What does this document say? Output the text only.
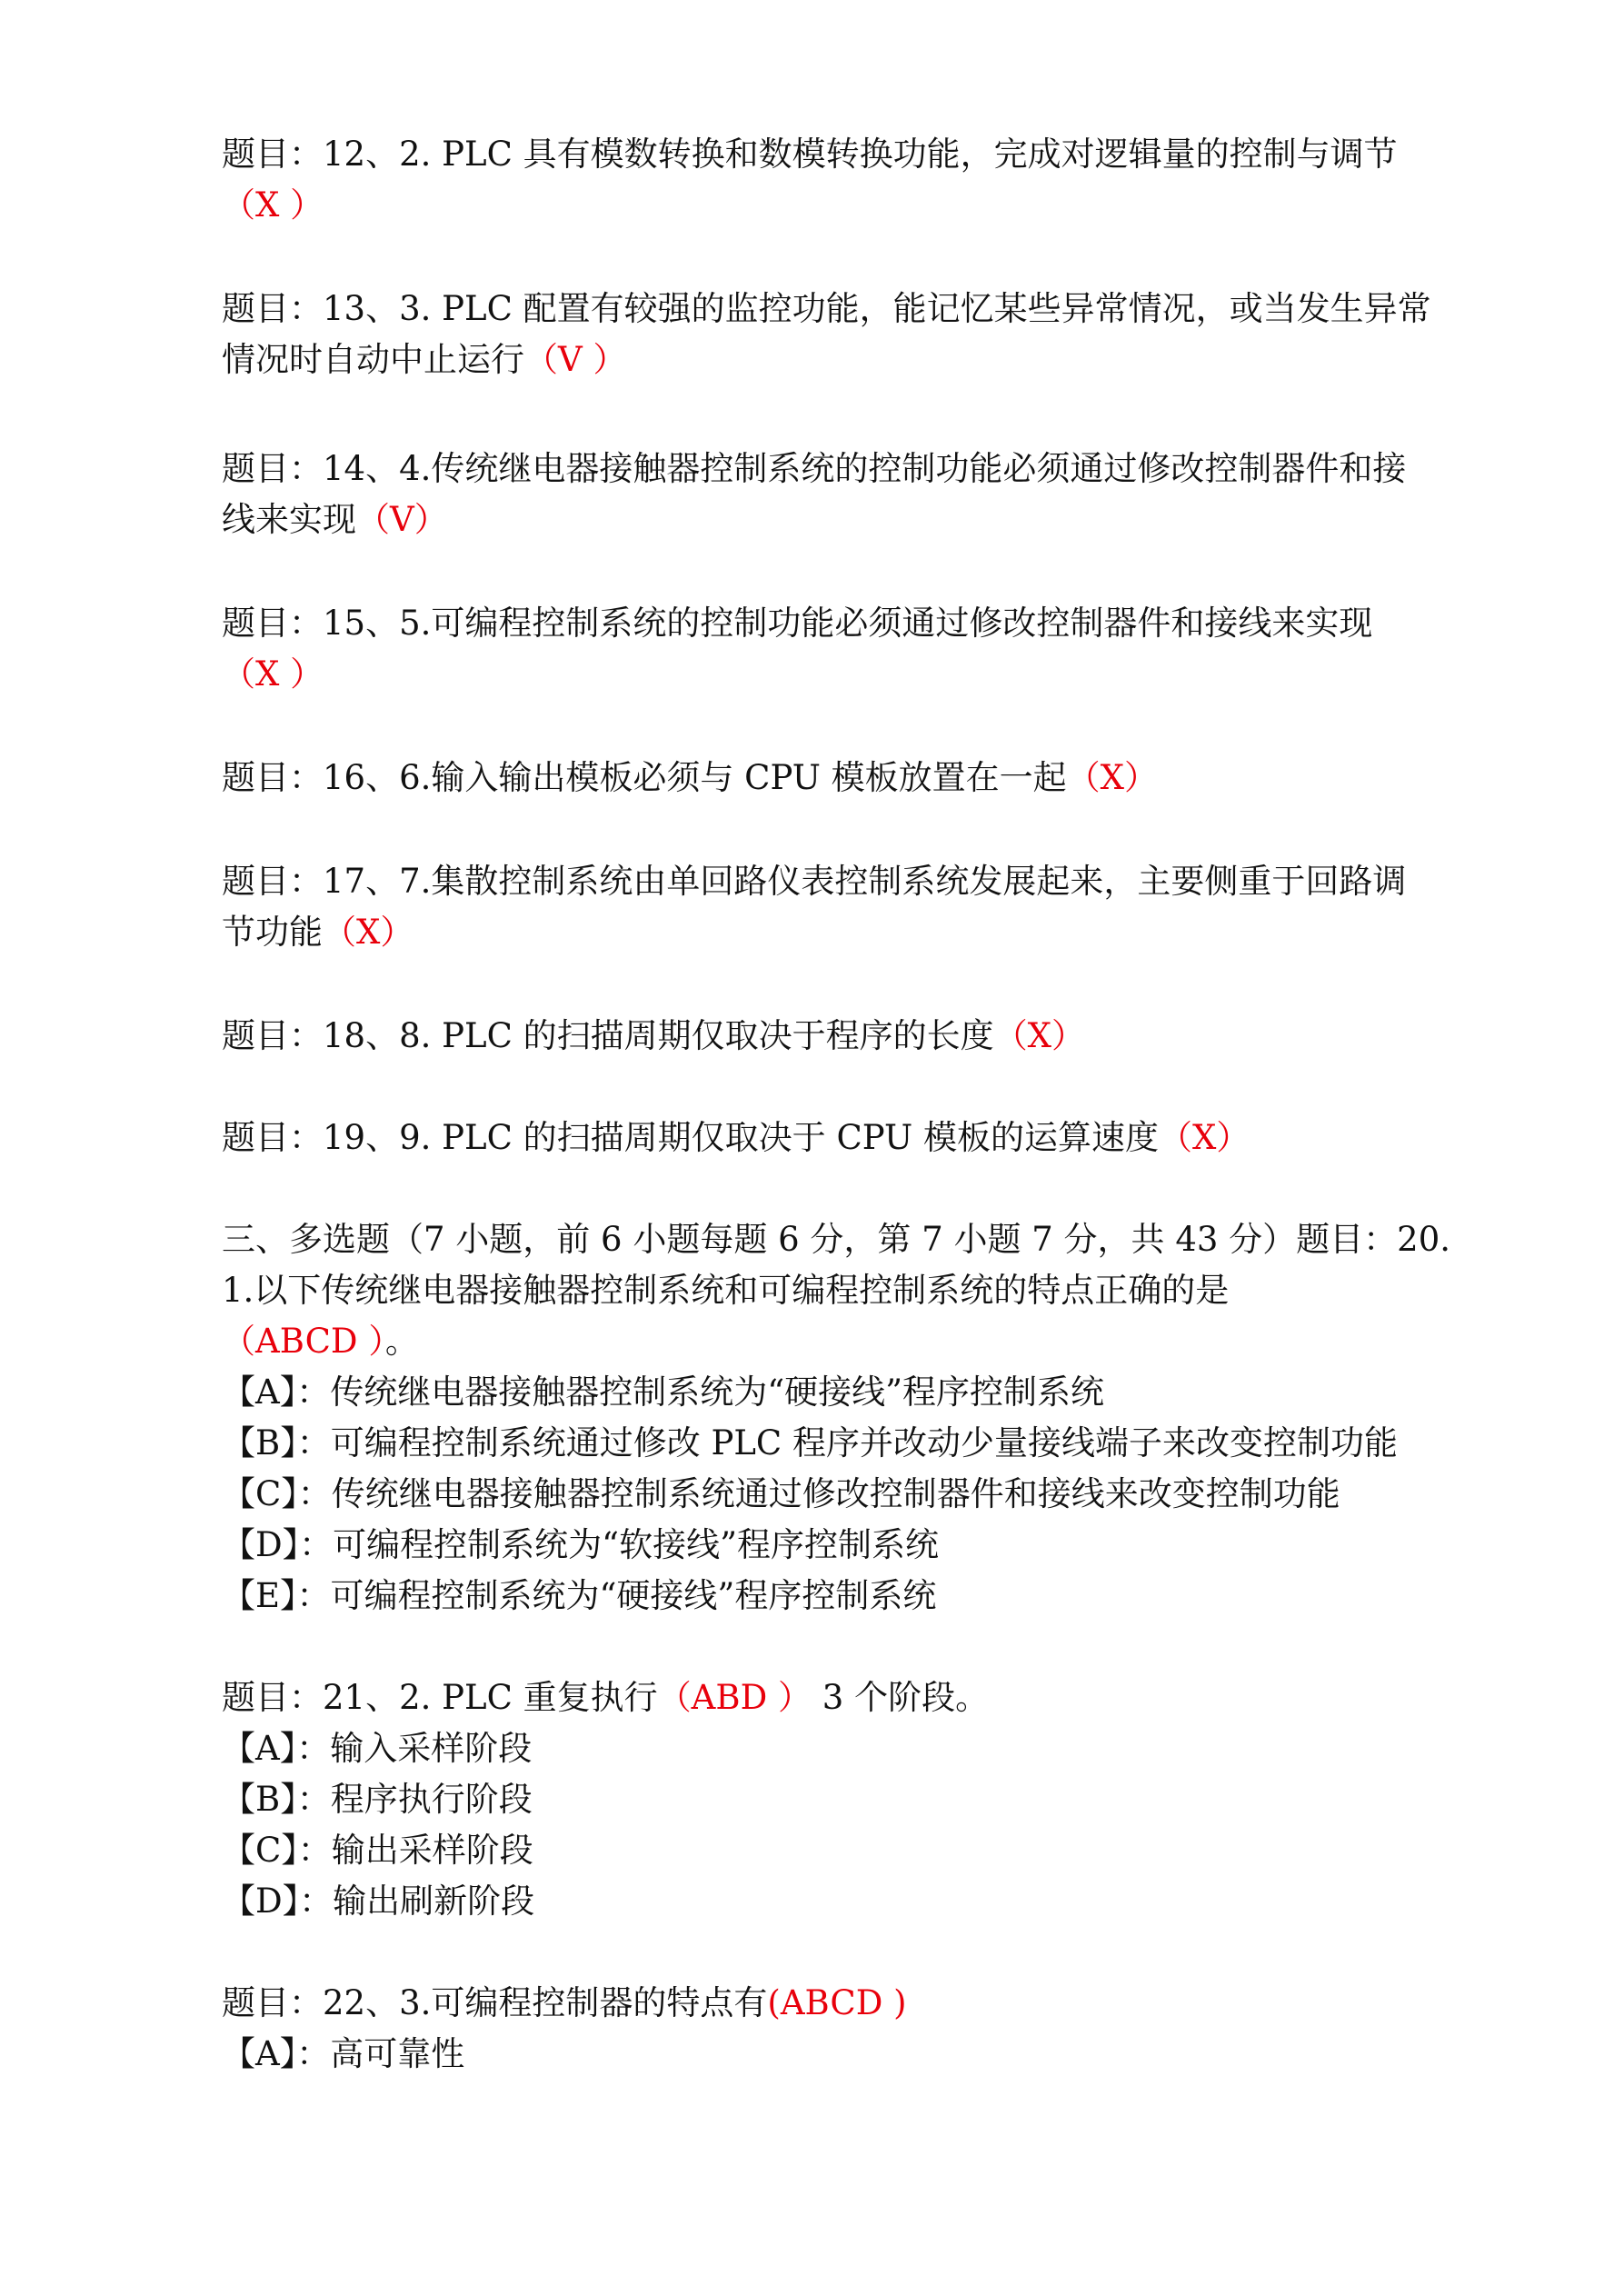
题目：12、2. PLC 具有模数转换和数模转换功能，完成对逻辑量的控制与调节
（X ）
题目：13、3. PLC 配置有较强的监控功能，能记忆某些异常情况，或当发生异常
情况时自动中止运行（V ）
题目：14、4.传统继电器接触器控制系统的控制功能必须通过修改控制器件和接
线来实现（V）
题目：15、5.可编程控制系统的控制功能必须通过修改控制器件和接线来实现
（X ）
题目：16、6.输入输出模板必须与 CPU 模板放置在一起（X）
题目：17、7.集散控制系统由单回路仪表控制系统发展起来，主要侧重于回路调
节功能（X）
题目：18、8. PLC 的扫描周期仅取决于程序的长度（X）
题目：19、9. PLC 的扫描周期仅取决于 CPU 模板的运算速度（X）
三、多选题（7 小题，前 6 小题每题 6 分，第 7 小题 7 分，共 43 分）题目：20.
1.以下传统继电器接触器控制系统和可编程控制系统的特点正确的是
（ABCD ）。
【A】：传统继电器接触器控制系统为“硬接线”程序控制系统
【B】：可编程控制系统通过修改 PLC 程序并改动少量接线端子来改变控制功能
【C】：传统继电器接触器控制系统通过修改控制器件和接线来改变控制功能
【D】：可编程控制系统为“软接线”程序控制系统
【E】：可编程控制系统为“硬接线”程序控制系统
题目：21、2. PLC 重复执行（ABD ） 3 个阶段。
【A】：输入采样阶段
【B】：程序执行阶段
【C】：输出采样阶段
【D】：输出刷新阶段
题目：22、3.可编程控制器的特点有(ABCD )
【A】：高可靠性
